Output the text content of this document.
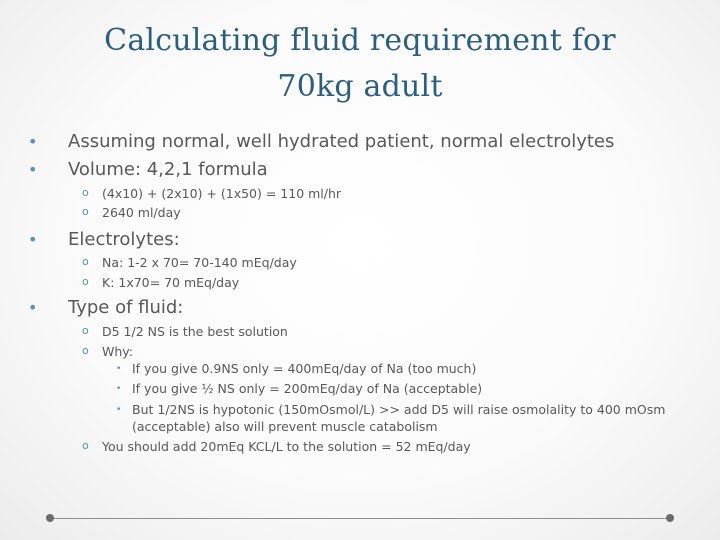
Calculating fluid requirement for
70kg adult
• Assuming normal, well hydrated patient, normal electrolytes
• Volume: 4,2,1 formula
o (4x10) + (2x10) + (1x50) = 110 ml/hr
o 2640 ml/day
• Electrolytes:
o Na: 1-2 x 70= 70-140 mEq/day
o K: 1x70= 70 mEq/day
• Type of fluid:
o D5 1/2 NS is the best solution
o Why:
• If you give 0.9NS only = 400mEq/day of Na (too much)
• If you give ½ NS only = 200mEq/day of Na (acceptable)
• But 1/2NS is hypotonic (150mOsmol/L) >> add D5 will raise osmolality to 400 mOsm
(acceptable) also will prevent muscle catabolism
o You should add 20mEq KCL/L to the solution = 52 mEq/day
